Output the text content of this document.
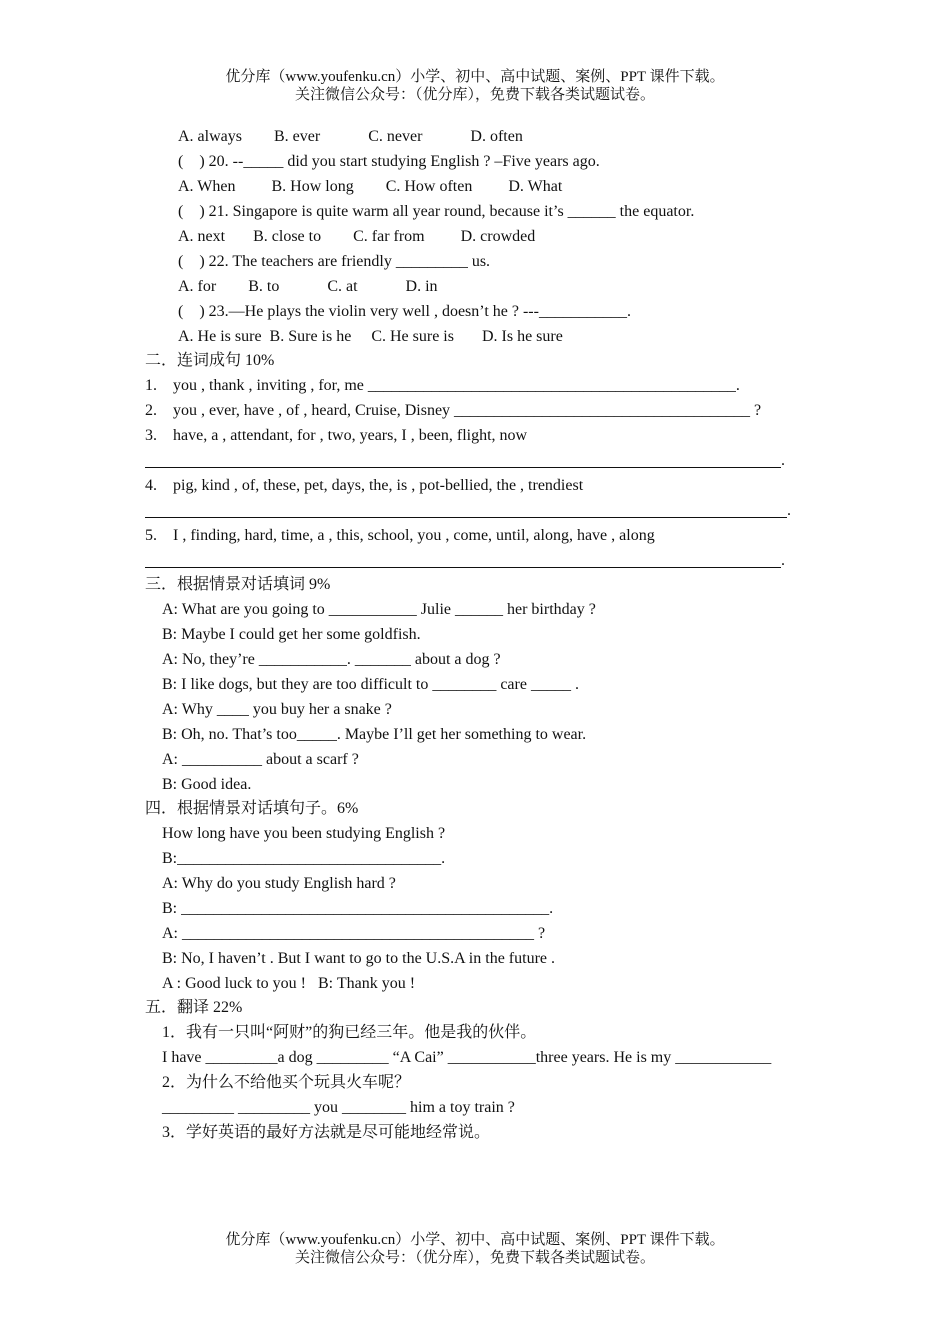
优分库（www.youfenku.cn）小学、初中、高中试题、案例、PPT 课件下载。
关注微信公众号：（优分库），免费下载各类试题试卷。
A. always        B. ever            C. never            D. often
(    ) 20. --_____ did you start studying English ? –Five years ago.
A. When         B. How long        C. How often         D. What
(    ) 21. Singapore is quite warm all year round, because it’s ______ the equator.
A. next       B. close to        C. far from         D. crowded
(    ) 22. The teachers are friendly _________ us.
A. for        B. to            C. at            D. in
(    ) 23.—He plays the violin very well , doesn’t he ? ---___________.
A. He is sure  B. Sure is he     C. He sure is       D. Is he sure
二．连词成句 10%
1.    you , thank , inviting , for, me ______________________________________________.
2.    you , ever, have , of , heard, Cruise, Disney _____________________________________ ?
3.    have, a , attendant, for , two, years, I , been, flight, now
.
4.    pig, kind , of, these, pet, days, the, is , pot-bellied, the , trendiest
.
5.    I , finding, hard, time, a , this, school, you , come, until, along, have , along
.
三．根据情景对话填词 9%
A: What are you going to ___________ Julie ______ her birthday ?
B: Maybe I could get her some goldfish.
A: No, they’re ___________. _______ about a dog ?
B: I like dogs, but they are too difficult to ________ care _____ .
A: Why ____ you buy her a snake ?
B: Oh, no. That’s too_____. Maybe I’ll get her something to wear.
A: __________ about a scarf ?
B: Good idea.
四．根据情景对话填句子。6%
How long have you been studying English ?
B:_________________________________.
A: Why do you study English hard ?
B: ______________________________________________.
A: ____________________________________________ ?
B: No, I haven’t . But I want to go to the U.S.A in the future .
A : Good luck to you !   B: Thank you !
五．翻译 22%
1．我有一只叫“阿财”的狗已经三年。他是我的伙伴。
I have _________a dog _________ “A Cai” ___________three years. He is my ____________
2．为什么不给他买个玩具火车呢？
_________ _________ you ________ him a toy train ?
3．学好英语的最好方法就是尽可能地经常说。
优分库（www.youfenku.cn）小学、初中、高中试题、案例、PPT 课件下载。
关注微信公众号：（优分库），免费下载各类试题试卷。
